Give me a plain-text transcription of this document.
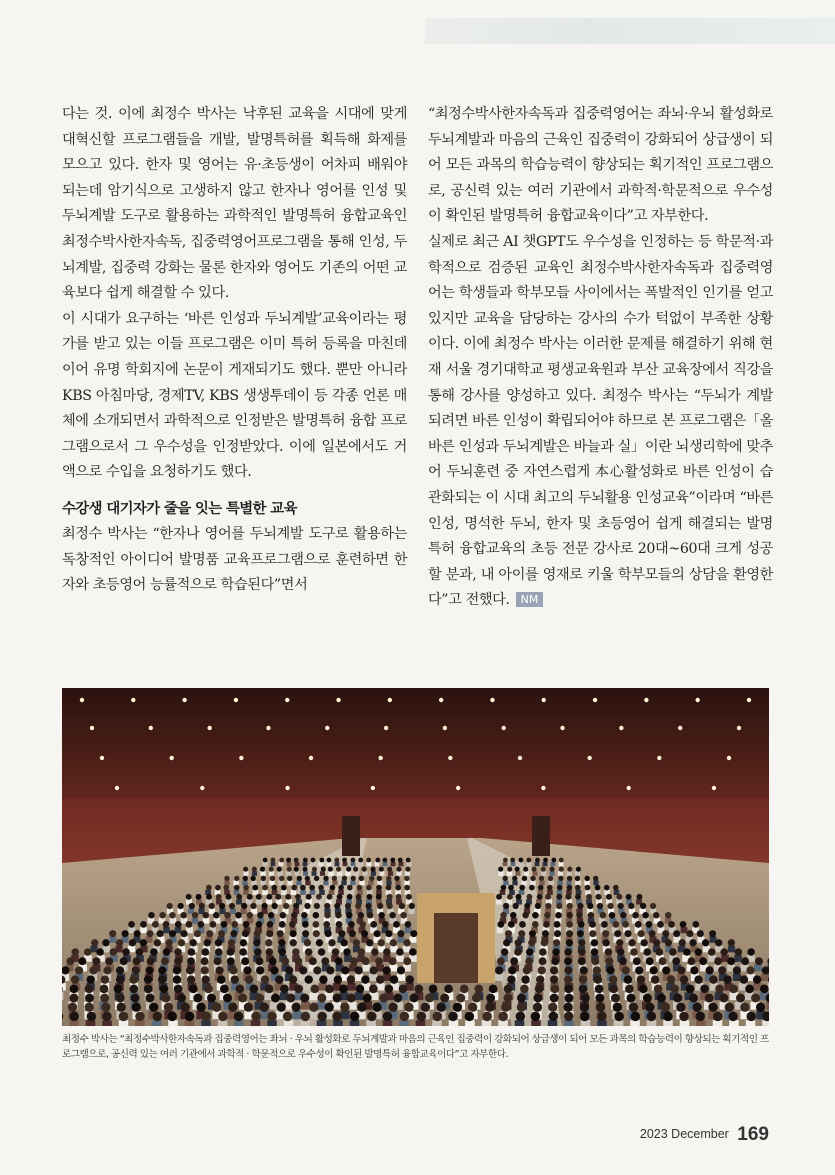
다는 것. 이에 최정수 박사는 낙후된 교육을 시대에 맞게 대혁신할 프로그램들을 개발, 발명특허를 획득해 화제를 모으고 있다. 한자 및 영어는 유·초등생이 어차피 배워야 되는데 암기식으로 고생하지 않고 한자나 영어를 인성 및 두뇌계발 도구로 활용하는 과학적인 발명특허 융합교육인 최정수박사한자속독, 집중력영어프로그램을 통해 인성, 두뇌계발, 집중력 강화는 물론 한자와 영어도 기존의 어떤 교육보다 쉽게 해결할 수 있다.

이 시대가 요구하는 ‘바른 인성과 두뇌계발’교육이라는 평가를 받고 있는 이들 프로그램은 이미 특허 등록을 마친데 이어 유명 학회지에 논문이 게재되기도 했다. 뿐만 아니라 KBS 아침마당, 경제TV, KBS 생생투데이 등 각종 언론 매체에 소개되면서 과학적으로 인정받은 발명특허 융합 프로그램으로서 그 우수성을 인정받았다. 이에 일본에서도 거액으로 수입을 요청하기도 했다.

수강생 대기자가 줄을 잇는 특별한 교육

최정수 박사는 “한자나 영어를 두뇌계발 도구로 활용하는 독창적인 아이디어 발명품 교육프로그램으로 훈련하면 한자와 초등영어 능률적으로 학습된다”면서

“최정수박사한자속독과 집중력영어는 좌뇌·우뇌 활성화로 두뇌계발과 마음의 근육인 집중력이 강화되어 상급생이 되어 모든 과목의 학습능력이 향상되는 획기적인 프로그램으로, 공신력 있는 여러 기관에서 과학적·학문적으로 우수성이 확인된 발명특허 융합교육이다”고 자부한다.

실제로 최근 AI 챗GPT도 우수성을 인정하는 등 학문적·과학적으로 검증된 교육인 최정수박사한자속독과 집중력영어는 학생들과 학부모들 사이에서는 폭발적인 인기를 얻고 있지만 교육을 담당하는 강사의 수가 턱없이 부족한 상황이다. 이에 최정수 박사는 이러한 문제를 해결하기 위해 현재 서울 경기대학교 평생교육원과 부산 교육장에서 직강을 통해 강사를 양성하고 있다. 최정수 박사는 “두뇌가 계발되려면 바른 인성이 확립되어야 하므로 본 프로그램은「올바른 인성과 두뇌계발은 바늘과 실」이란 뇌생리학에 맞추어 두뇌훈련 중 자연스럽게 本心활성화로 바른 인성이 습관화되는 이 시대 최고의 두뇌활용 인성교육”이라며 “바른 인성, 명석한 두뇌, 한자 및 초등영어 쉽게 해결되는 발명특허 융합교육의 초등 전문 강사로 20대~60대 크게 성공할 분과, 내 아이를 영재로 키울 학부모들의 상담을 환영한다”고 전했다. NM

최정수 박사는 “최정수박사한자속독과 집중력영어는 좌뇌 · 우뇌 활성화로 두뇌계발과 마음의 근육인 집중력이 강화되어 상급생이 되어 모든 과목의 학습능력이 향상되는 획기적인 프로그램으로, 공신력 있는 여러 기관에서 과학적 · 학문적으로 우수성이 확인된 발명특허 융합교육이다”고 자부한다.
2023 December 169
